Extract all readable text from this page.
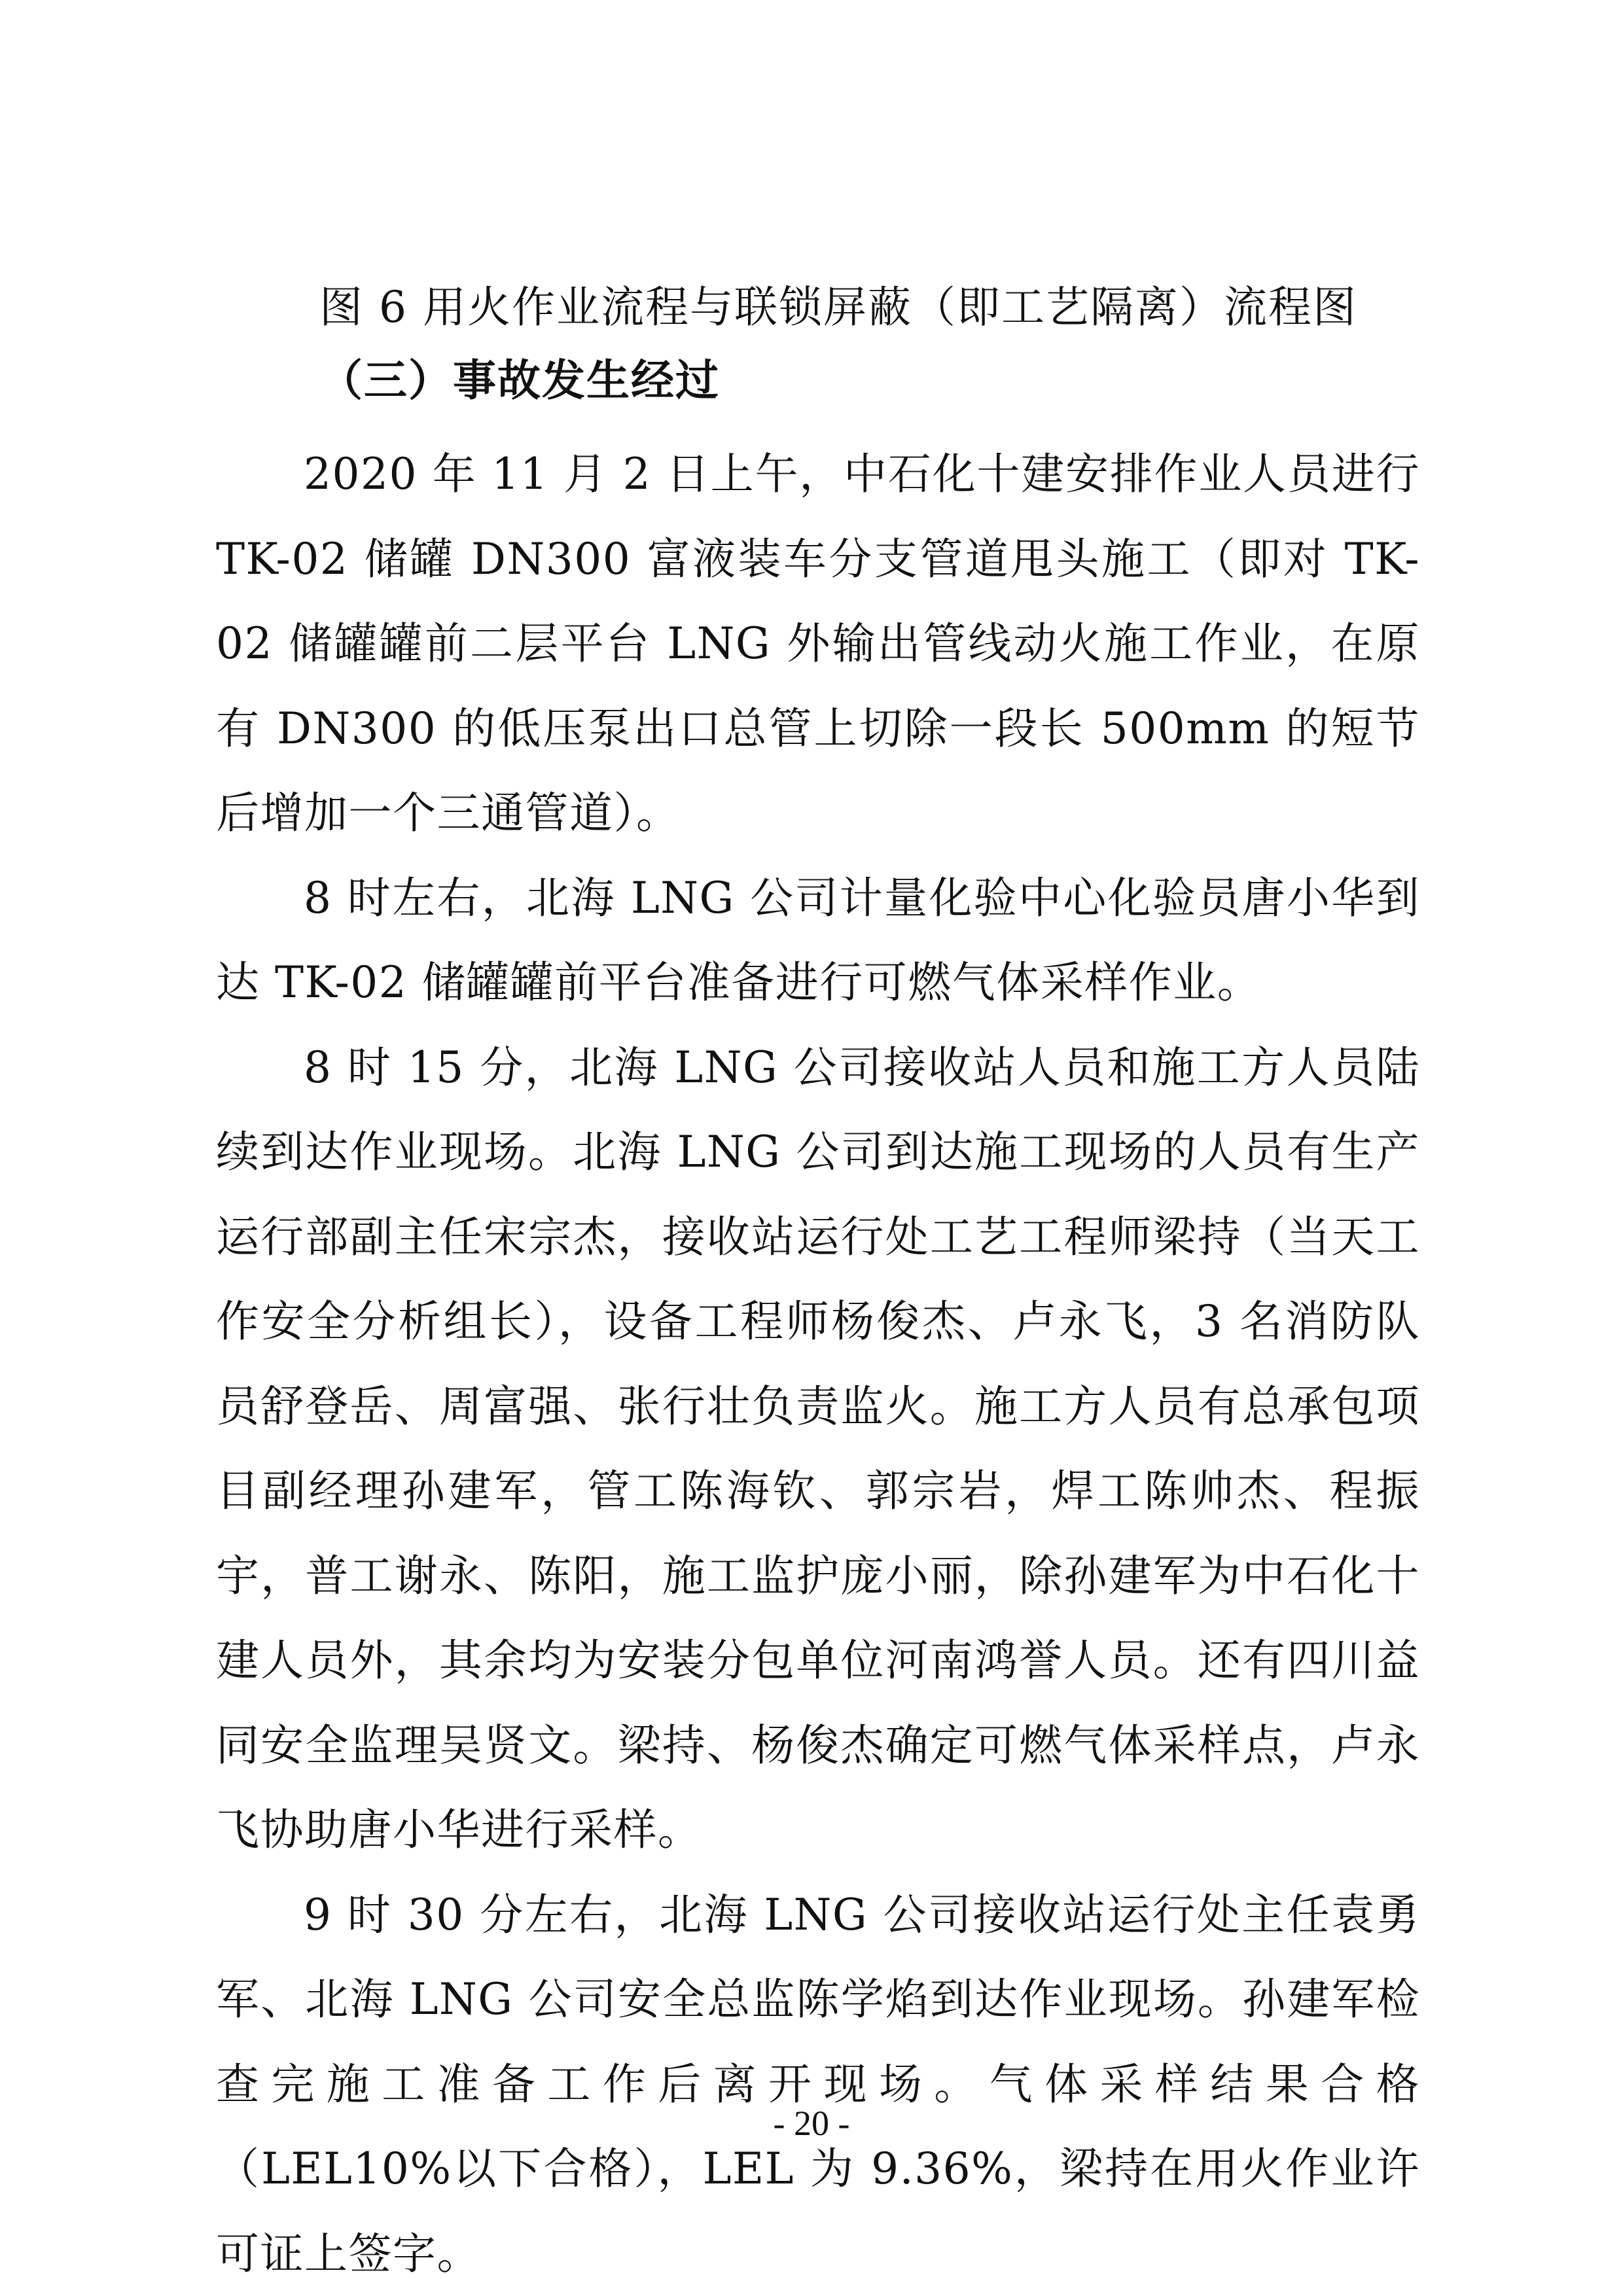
图 6 用火作业流程与联锁屏蔽（即工艺隔离）流程图
（三）事故发生经过

2020 年 11 月 2 日上午，中石化十建安排作业人员进行 TK-02 储罐 DN300 富液装车分支管道甩头施工（即对 TK-02 储罐罐前二层平台 LNG 外输出管线动火施工作业，在原有 DN300 的低压泵出口总管上切除一段长 500mm 的短节后增加一个三通管道）。

8 时左右，北海 LNG 公司计量化验中心化验员唐小华到达 TK-02 储罐罐前平台准备进行可燃气体采样作业。

8 时 15 分，北海 LNG 公司接收站人员和施工方人员陆续到达作业现场。北海 LNG 公司到达施工现场的人员有生产运行部副主任宋宗杰，接收站运行处工艺工程师梁持（当天工作安全分析组长），设备工程师杨俊杰、卢永飞，3 名消防队员舒登岳、周富强、张行壮负责监火。施工方人员有总承包项目副经理孙建军，管工陈海钦、郭宗岩，焊工陈帅杰、程振宇，普工谢永、陈阳，施工监护庞小丽，除孙建军为中石化十建人员外，其余均为安装分包单位河南鸿誉人员。还有四川益同安全监理吴贤文。梁持、杨俊杰确定可燃气体采样点，卢永飞协助唐小华进行采样。

9 时 30 分左右，北海 LNG 公司接收站运行处主任袁勇军、北海 LNG 公司安全总监陈学焰到达作业现场。孙建军检查完施工准备工作后离开现场。气体采样结果合格（LEL10%以下合格），LEL 为 9.36%，梁持在用火作业许可证上签字。

- 20 -
